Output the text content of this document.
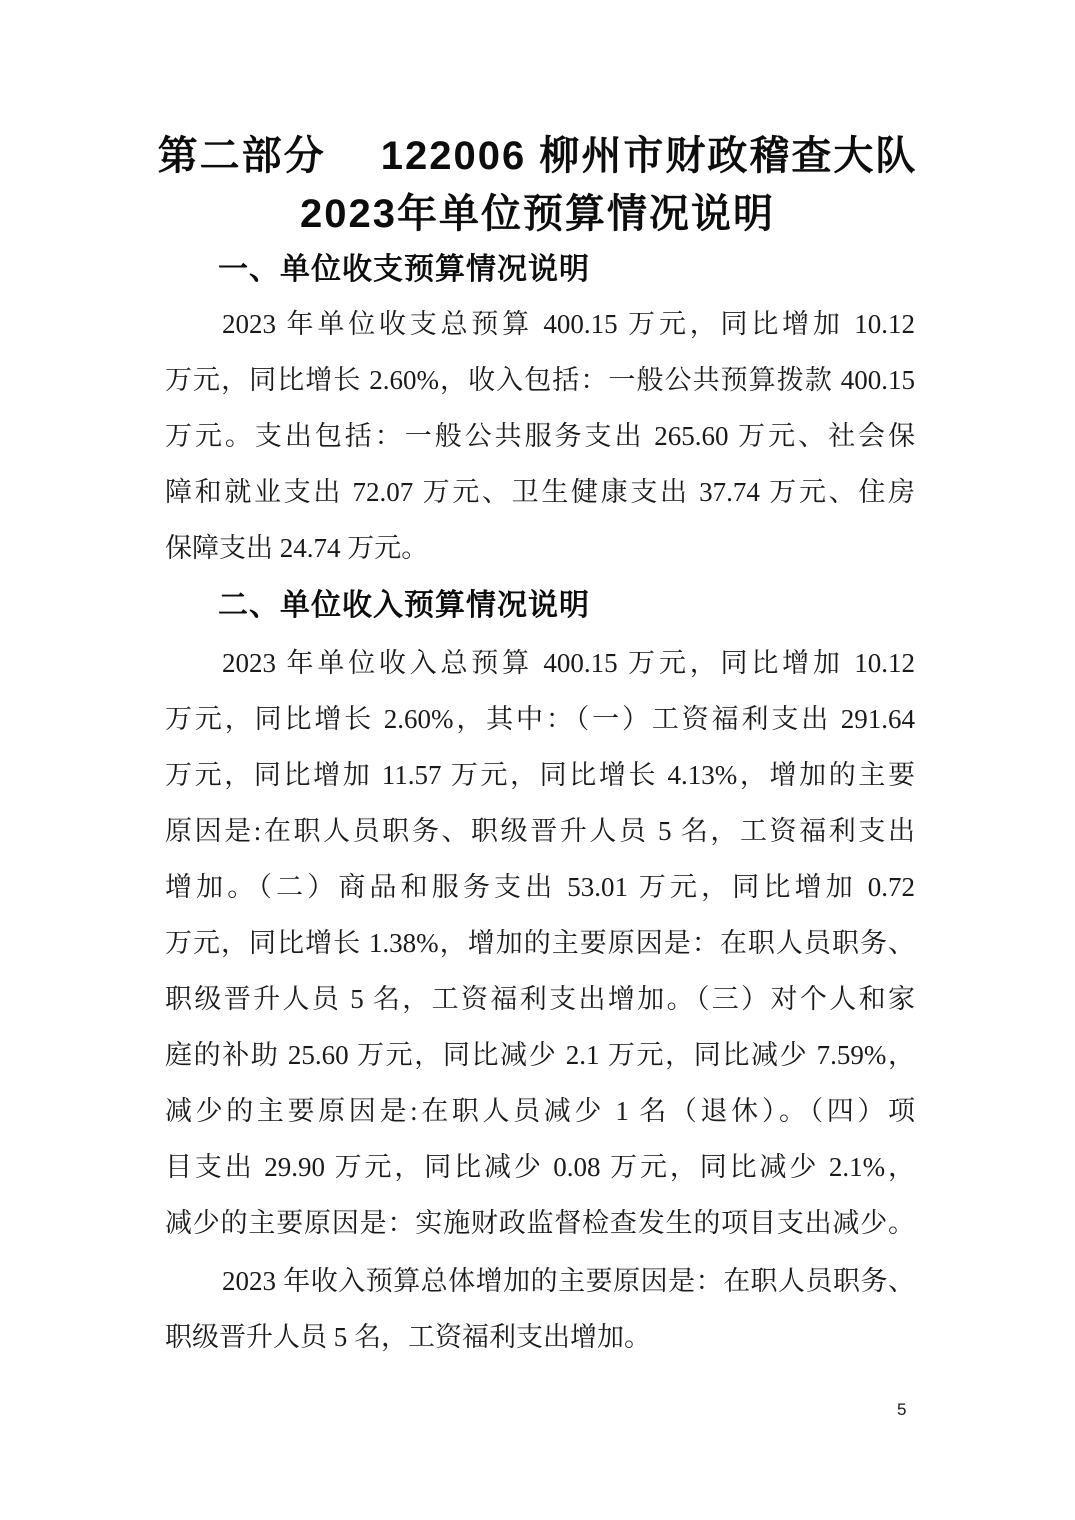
第二部分　 122006 柳州市财政稽查大队
2023年单位预算情况说明
一、单位收支预算情况说明
2023 年单位收支总预算 400.15 万元，同比增加 10.12
万元，同比增长 2.60%，收入包括：一般公共预算拨款 400.15
万元。支出包括：一般公共服务支出 265.60 万元、社会保
障和就业支出 72.07 万元、卫生健康支出 37.74 万元、住房
保障支出 24.74 万元。
二、单位收入预算情况说明
2023 年单位收入总预算 400.15 万元，同比增加 10.12
万元，同比增长 2.60%，其中：（一）工资福利支出 291.64
万元，同比增加 11.57 万元，同比增长 4.13%，增加的主要
原因是:在职人员职务、职级晋升人员 5 名，工资福利支出
增加。（二）商品和服务支出 53.01 万元，同比增加 0.72
万元，同比增长 1.38%，增加的主要原因是：在职人员职务、
职级晋升人员 5 名，工资福利支出增加。（三）对个人和家
庭的补助 25.60 万元，同比减少 2.1 万元，同比减少 7.59%，
减少的主要原因是:在职人员减少 1 名（退休）。（四）项
目支出 29.90 万元，同比减少 0.08 万元，同比减少 2.1%，
减少的主要原因是：实施财政监督检查发生的项目支出减少。
2023 年收入预算总体增加的主要原因是：在职人员职务、
职级晋升人员 5 名，工资福利支出增加。
5
